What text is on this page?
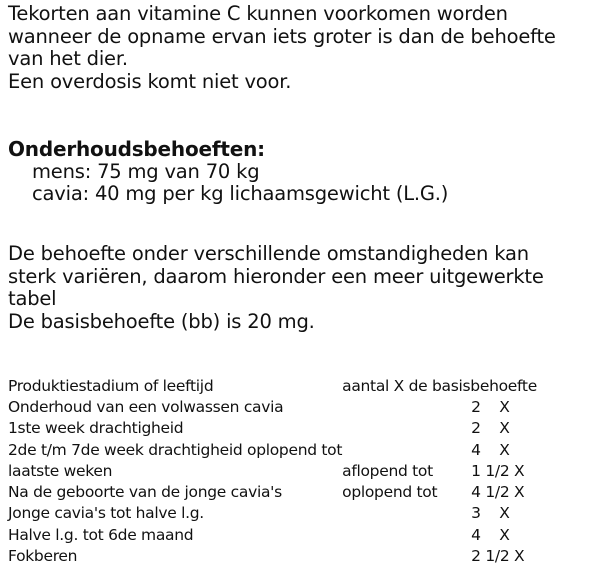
Tekorten aan vitamine C kunnen voorkomen worden
wanneer de opname ervan iets groter is dan de behoefte
van het dier.
Een overdosis komt niet voor.
Onderhoudsbehoeften:
mens: 75 mg van 70 kg
cavia: 40 mg per kg lichaamsgewicht (L.G.)
De behoefte onder verschillende omstandigheden kan
sterk variëren, daarom hieronder een meer uitgewerkte
tabel
De basisbehoefte (bb) is 20 mg.
Produktiestadium of leeftijd	aantal X de basisbehoefte	
Onderhoud van een volwassen cavia		2    X
1ste week drachtigheid		2    X
2de t/m 7de week drachtigheid oplopend tot		4    X
laatste weken	aflopend tot	1 1/2 X
Na de geboorte van de jonge cavia's	oplopend tot	4 1/2 X
Jonge cavia's tot halve l.g.		3    X
Halve l.g. tot 6de maand		4    X
Fokberen		2 1/2 X
